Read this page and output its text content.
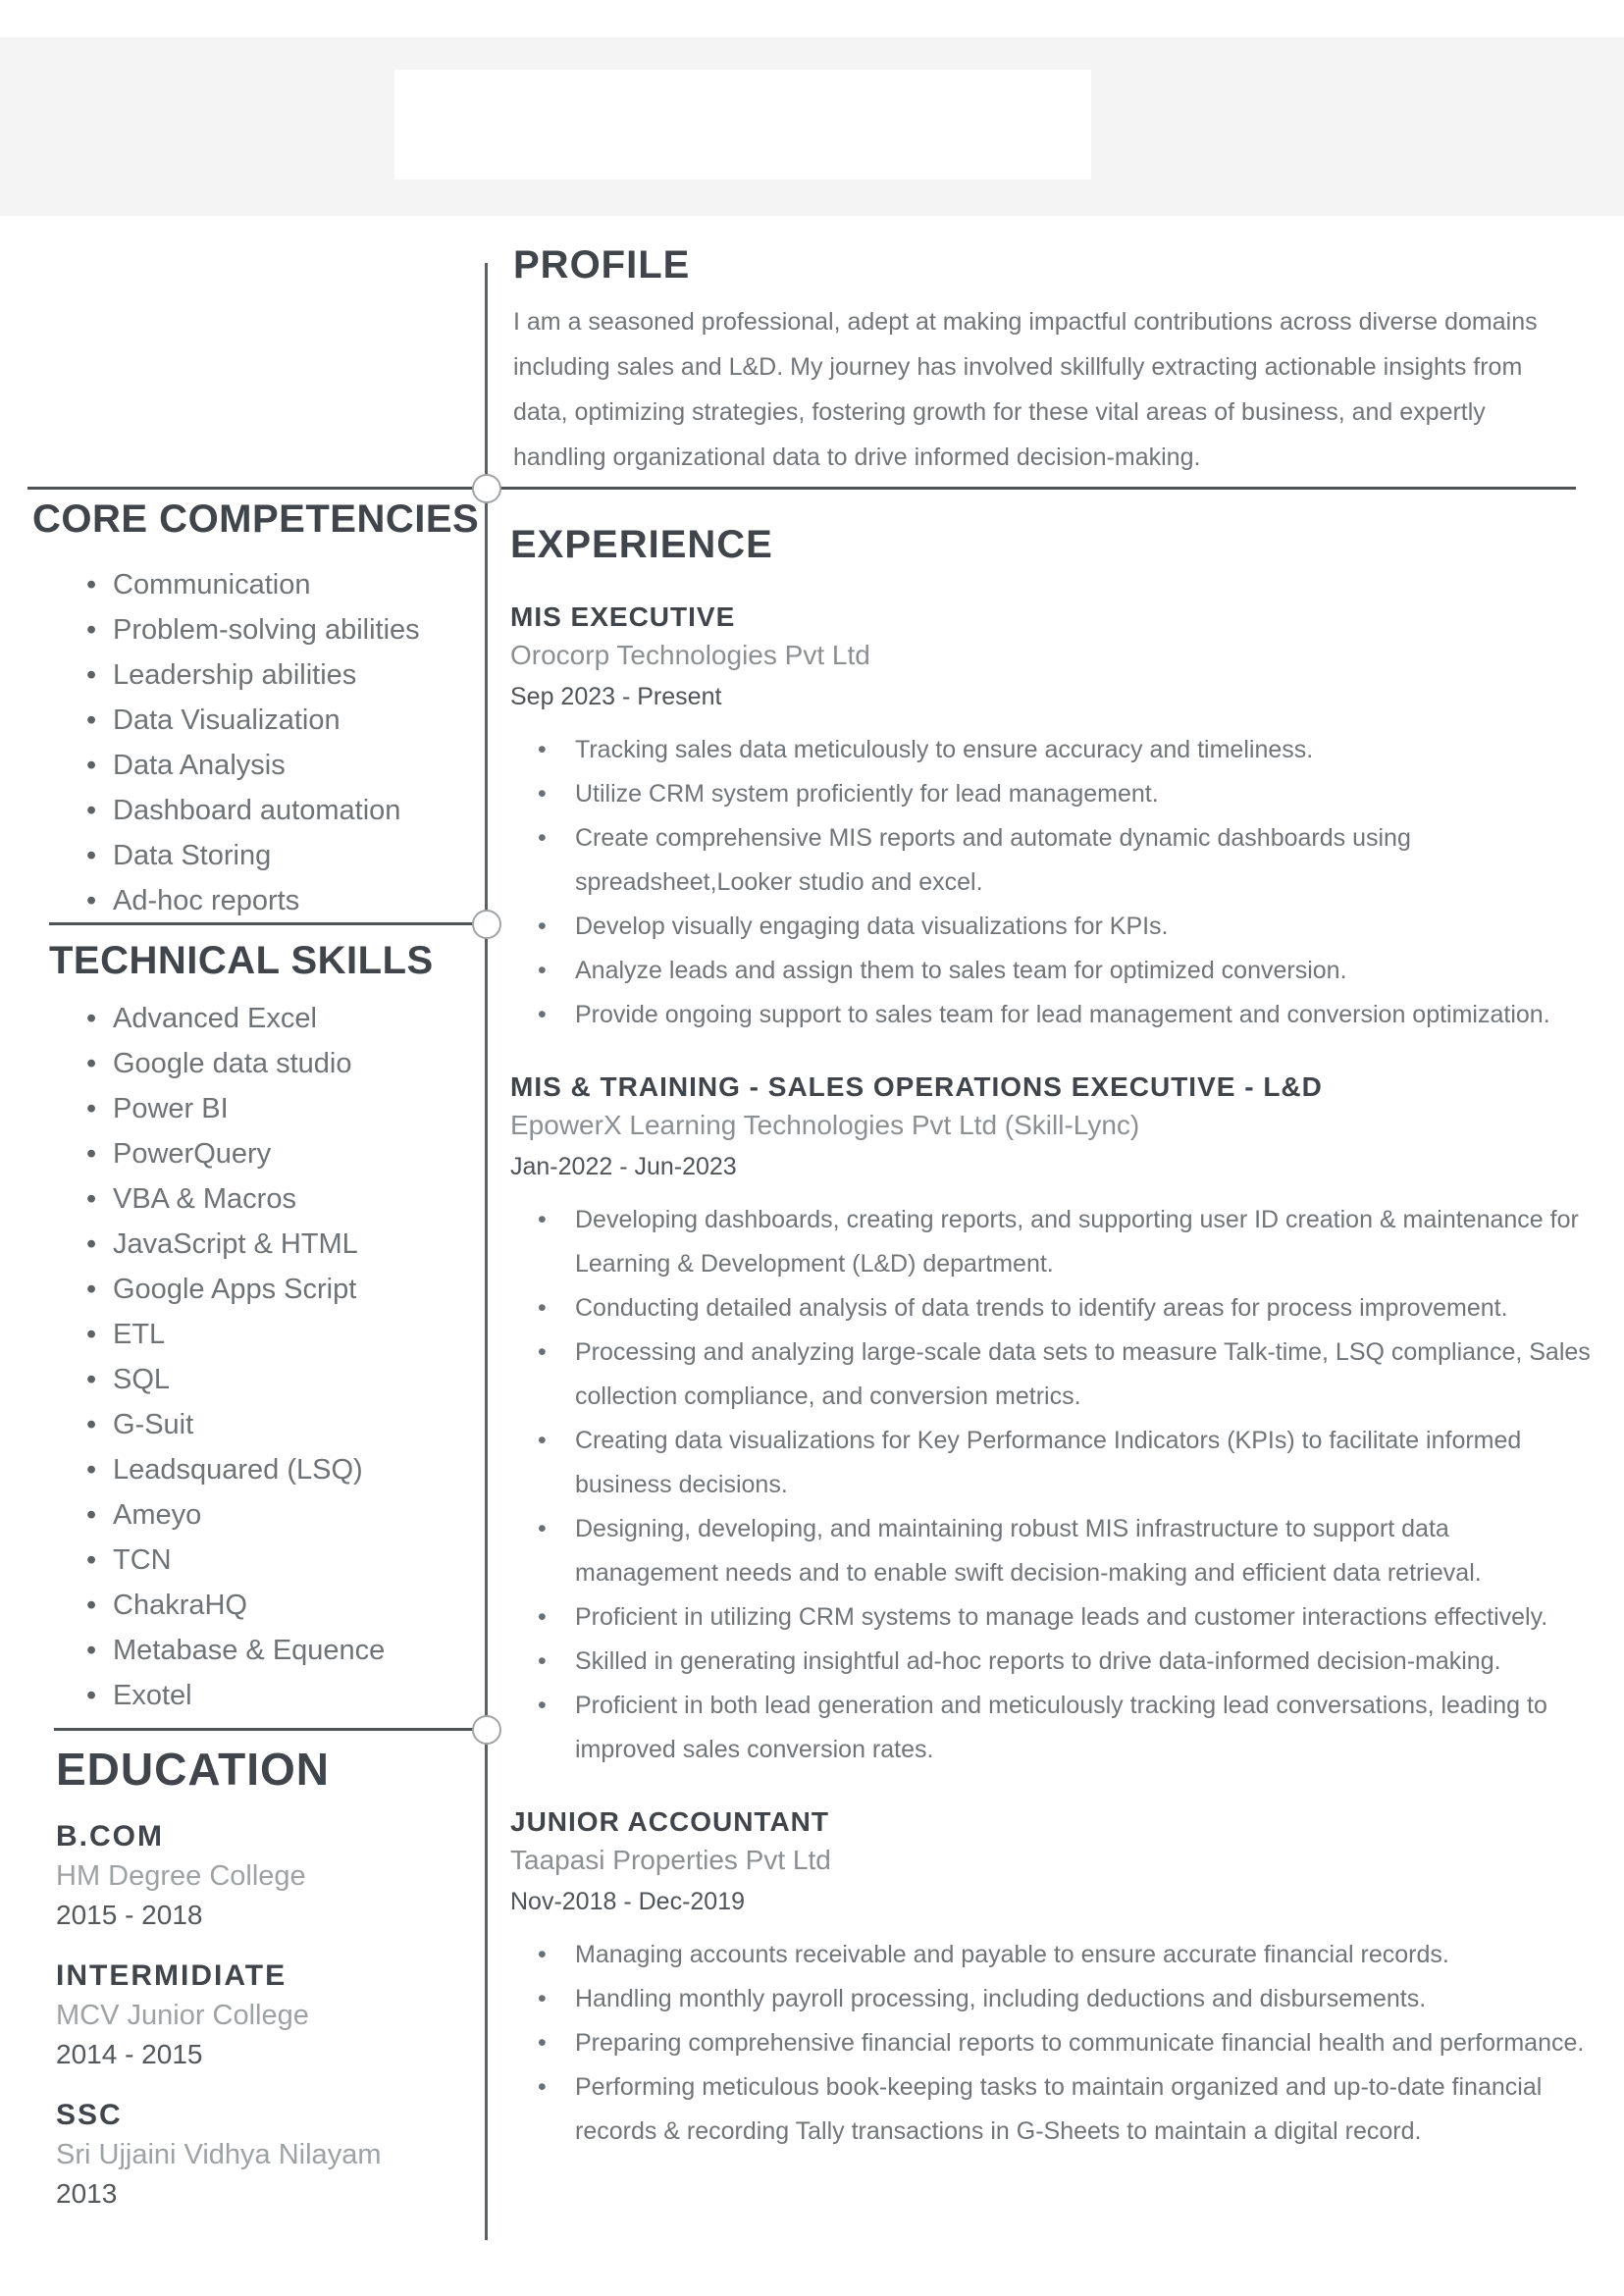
PROFILE

I am a seasoned professional, adept at making impactful contributions across diverse domains including sales and L&D. My journey has involved skillfully extracting actionable insights from data, optimizing strategies, fostering growth for these vital areas of business, and expertly handling organizational data to drive informed decision-making.

CORE COMPETENCIES
• Communication
• Problem-solving abilities
• Leadership abilities
• Data Visualization
• Data Analysis
• Dashboard automation
• Data Storing
• Ad-hoc reports
TECHNICAL SKILLS
• Advanced Excel
• Google data studio
• Power BI
• PowerQuery
• VBA & Macros
• JavaScript & HTML
• Google Apps Script
• ETL
• SQL
• G-Suit
• Leadsquared (LSQ)
• Ameyo
• TCN
• ChakraHQ
• Metabase & Equence
• Exotel
EDUCATION
B.COM
HM Degree College
2015 - 2018
INTERMIDIATE
MCV Junior College
2014 - 2015
SSC
Sri Ujjaini Vidhya Nilayam
2013
EXPERIENCE
MIS EXECUTIVE
Orocorp Technologies Pvt Ltd
Sep 2023 - Present
• Tracking sales data meticulously to ensure accuracy and timeliness.
• Utilize CRM system proficiently for lead management.
• Create comprehensive MIS reports and automate dynamic dashboards using spreadsheet,Looker studio and excel.
• Develop visually engaging data visualizations for KPIs.
• Analyze leads and assign them to sales team for optimized conversion.
• Provide ongoing support to sales team for lead management and conversion optimization.
MIS & TRAINING - SALES OPERATIONS EXECUTIVE - L&D
EpowerX Learning Technologies Pvt Ltd (Skill-Lync)
Jan-2022 - Jun-2023
• Developing dashboards, creating reports, and supporting user ID creation & maintenance for Learning & Development (L&D) department.
• Conducting detailed analysis of data trends to identify areas for process improvement.
• Processing and analyzing large-scale data sets to measure Talk-time, LSQ compliance, Sales collection compliance, and conversion metrics.
• Creating data visualizations for Key Performance Indicators (KPIs) to facilitate informed business decisions.
• Designing, developing, and maintaining robust MIS infrastructure to support data management needs and to enable swift decision-making and efficient data retrieval.
• Proficient in utilizing CRM systems to manage leads and customer interactions effectively.
• Skilled in generating insightful ad-hoc reports to drive data-informed decision-making.
• Proficient in both lead generation and meticulously tracking lead conversations, leading to improved sales conversion rates.
JUNIOR ACCOUNTANT
Taapasi Properties Pvt Ltd
Nov-2018 - Dec-2019
• Managing accounts receivable and payable to ensure accurate financial records.
• Handling monthly payroll processing, including deductions and disbursements.
• Preparing comprehensive financial reports to communicate financial health and performance.
• Performing meticulous book-keeping tasks to maintain organized and up-to-date financial records & recording Tally transactions in G-Sheets to maintain a digital record.
